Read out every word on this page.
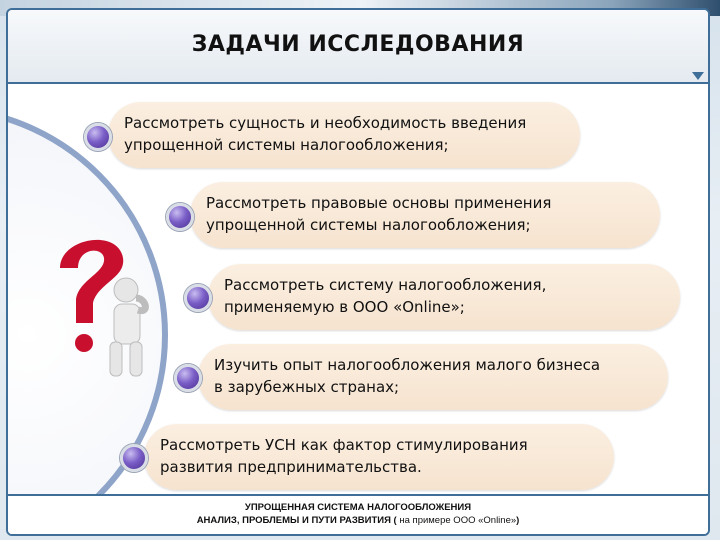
ЗАДАЧИ ИССЛЕДОВАНИЯ
Рассмотреть сущность и необходимость введения
упрощенной системы налогообложения;
Рассмотреть правовые основы применения
упрощенной системы налогообложения;
Рассмотреть систему налогообложения,
применяемую в ООО «Online»;
Изучить опыт налогообложения малого бизнеса
в зарубежных странах;
Рассмотреть УСН как фактор стимулирования
развития предпринимательства.
УПРОЩЕННАЯ СИСТЕМА НАЛОГООБЛОЖЕНИЯ
АНАЛИЗ, ПРОБЛЕМЫ И ПУТИ РАЗВИТИЯ ( на примере ООО «Online»)
